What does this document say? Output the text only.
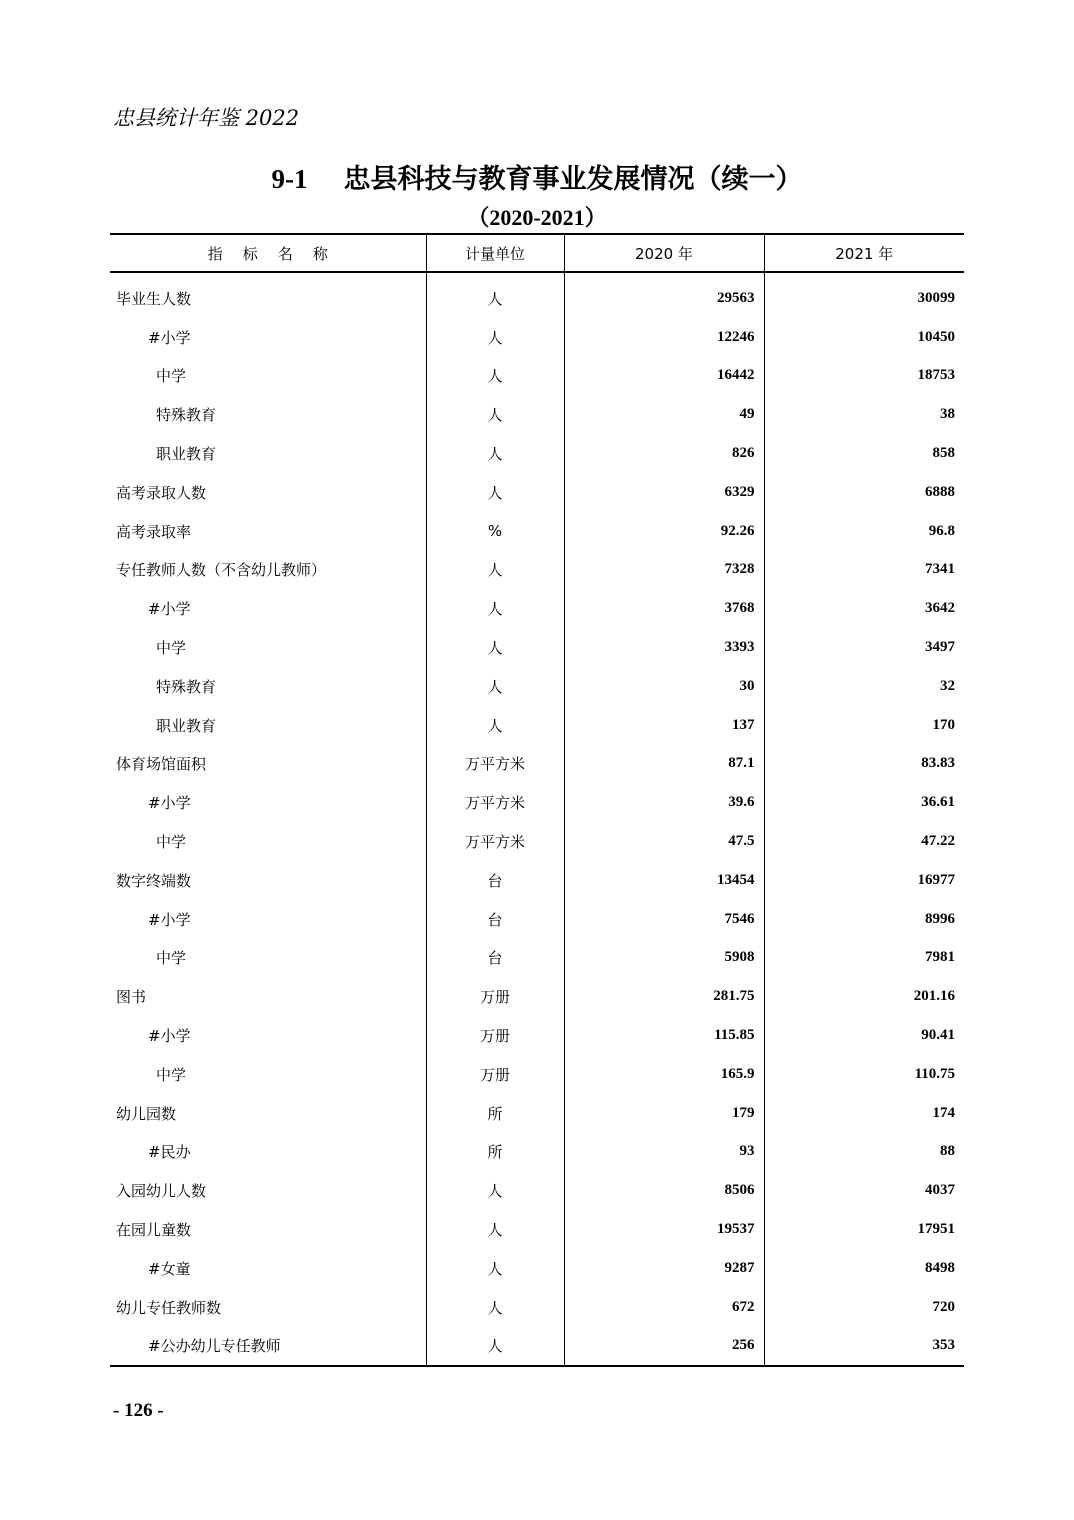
忠县统计年鉴 2022
9-1 忠县科技与教育事业发展情况（续一）
（2020-2021）
指标名称	计量单位	2020 年	2021 年
毕业生人数	人	29563	30099
#小学	人	12246	10450
中学	人	16442	18753
特殊教育	人	49	38
职业教育	人	826	858
高考录取人数	人	6329	6888
高考录取率	%	92.26	96.8
专任教师人数（不含幼儿教师）	人	7328	7341
#小学	人	3768	3642
中学	人	3393	3497
特殊教育	人	30	32
职业教育	人	137	170
体育场馆面积	万平方米	87.1	83.83
#小学	万平方米	39.6	36.61
中学	万平方米	47.5	47.22
数字终端数	台	13454	16977
#小学	台	7546	8996
中学	台	5908	7981
图书	万册	281.75	201.16
#小学	万册	115.85	90.41
中学	万册	165.9	110.75
幼儿园数	所	179	174
#民办	所	93	88
入园幼儿人数	人	8506	4037
在园儿童数	人	19537	17951
#女童	人	9287	8498
幼儿专任教师数	人	672	720
#公办幼儿专任教师	人	256	353
- 126 -
